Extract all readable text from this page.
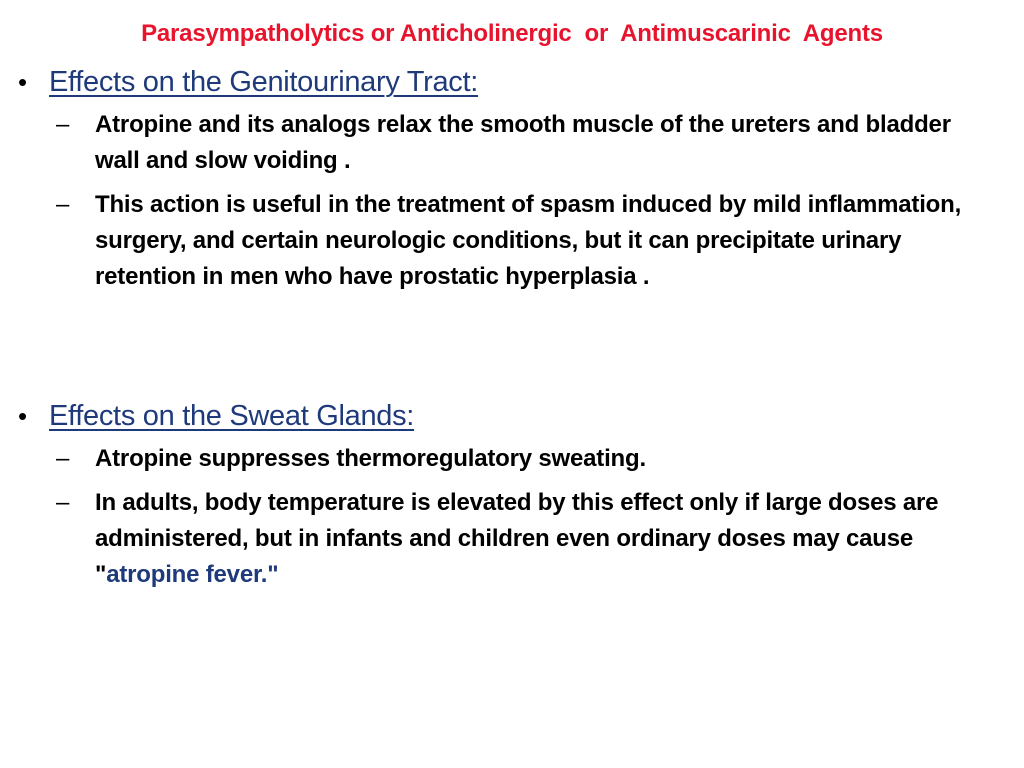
Parasympatholytics or Anticholinergic  or  Antimuscarinic  Agents
• Effects on the Genitourinary Tract:
–	Atropine and its analogs relax the smooth muscle of the ureters and bladder wall and slow voiding .
–	This action is useful in the treatment of spasm induced by mild inflammation, surgery, and certain neurologic conditions, but it can precipitate urinary retention in men who have prostatic hyperplasia .
• Effects on the Sweat Glands:
–	Atropine suppresses thermoregulatory sweating.
–	In adults, body temperature is elevated by this effect only if large doses are administered, but in infants and children even ordinary doses may cause "atropine fever."
